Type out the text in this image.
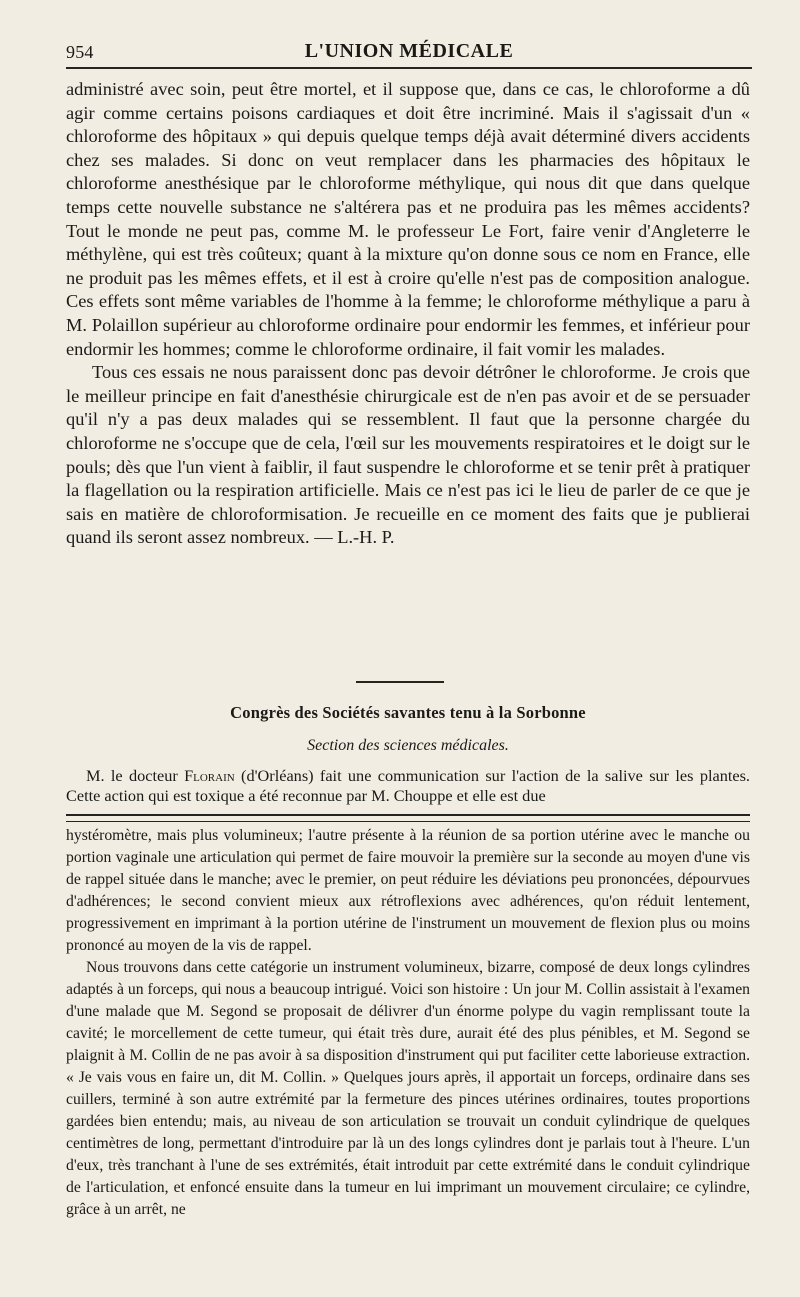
954	L'UNION MÉDICALE

administré avec soin, peut être mortel, et il suppose que, dans ce cas, le chloroforme a dû agir comme certains poisons cardiaques et doit être incriminé. Mais il s'agissait d'un « chloroforme des hôpitaux » qui depuis quelque temps déjà avait déterminé divers accidents chez ses malades. Si donc on veut remplacer dans les pharmacies des hôpitaux le chloroforme anesthésique par le chloroforme méthylique, qui nous dit que dans quelque temps cette nouvelle substance ne s'altérera pas et ne produira pas les mêmes accidents? Tout le monde ne peut pas, comme M. le professeur Le Fort, faire venir d'Angleterre le méthylène, qui est très coûteux; quant à la mixture qu'on donne sous ce nom en France, elle ne produit pas les mêmes effets, et il est à croire qu'elle n'est pas de composition analogue. Ces effets sont même variables de l'homme à la femme; le chloroforme méthylique a paru à M. Polaillon supérieur au chloroforme ordinaire pour endormir les femmes, et inférieur pour endormir les hommes; comme le chloroforme ordinaire, il fait vomir les malades.

Tous ces essais ne nous paraissent donc pas devoir détrôner le chloroforme. Je crois que le meilleur principe en fait d'anesthésie chirurgicale est de n'en pas avoir et de se persuader qu'il n'y a pas deux malades qui se ressemblent. Il faut que la personne chargée du chloroforme ne s'occupe que de cela, l'œil sur les mouvements respiratoires et le doigt sur le pouls; dès que l'un vient à faiblir, il faut suspendre le chloroforme et se tenir prêt à pratiquer la flagellation ou la respiration artificielle. Mais ce n'est pas ici le lieu de parler de ce que je sais en matière de chloroformisation. Je recueille en ce moment des faits que je publierai quand ils seront assez nombreux. — L.-H. P.

Congrès des Sociétés savantes tenu à la Sorbonne
Section des sciences médicales.

M. le docteur Florain (d'Orléans) fait une communication sur l'action de la salive sur les plantes. Cette action qui est toxique a été reconnue par M. Chouppe et elle est due

hystéromètre, mais plus volumineux; l'autre présente à la réunion de sa portion utérine avec le manche ou portion vaginale une articulation qui permet de faire mouvoir la première sur la seconde au moyen d'une vis de rappel située dans le manche; avec le premier, on peut réduire les déviations peu prononcées, dépourvues d'adhérences; le second convient mieux aux rétroflexions avec adhérences, qu'on réduit lentement, progressivement en imprimant à la portion utérine de l'instrument un mouvement de flexion plus ou moins prononcé au moyen de la vis de rappel.

Nous trouvons dans cette catégorie un instrument volumineux, bizarre, composé de deux longs cylindres adaptés à un forceps, qui nous a beaucoup intrigué. Voici son histoire : Un jour M. Collin assistait à l'examen d'une malade que M. Segond se proposait de délivrer d'un énorme polype du vagin remplissant toute la cavité; le morcellement de cette tumeur, qui était très dure, aurait été des plus pénibles, et M. Segond se plaignit à M. Collin de ne pas avoir à sa disposition d'instrument qui put faciliter cette laborieuse extraction. « Je vais vous en faire un, dit M. Collin. » Quelques jours après, il apportait un forceps, ordinaire dans ses cuillers, terminé à son autre extrémité par la fermeture des pinces utérines ordinaires, toutes proportions gardées bien entendu; mais, au niveau de son articulation se trouvait un conduit cylindrique de quelques centimètres de long, permettant d'introduire par là un des longs cylindres dont je parlais tout à l'heure. L'un d'eux, très tranchant à l'une de ses extrémités, était introduit par cette extrémité dans le conduit cylindrique de l'articulation, et enfoncé ensuite dans la tumeur en lui imprimant un mouvement circulaire; ce cylindre, grâce à un arrêt, ne
